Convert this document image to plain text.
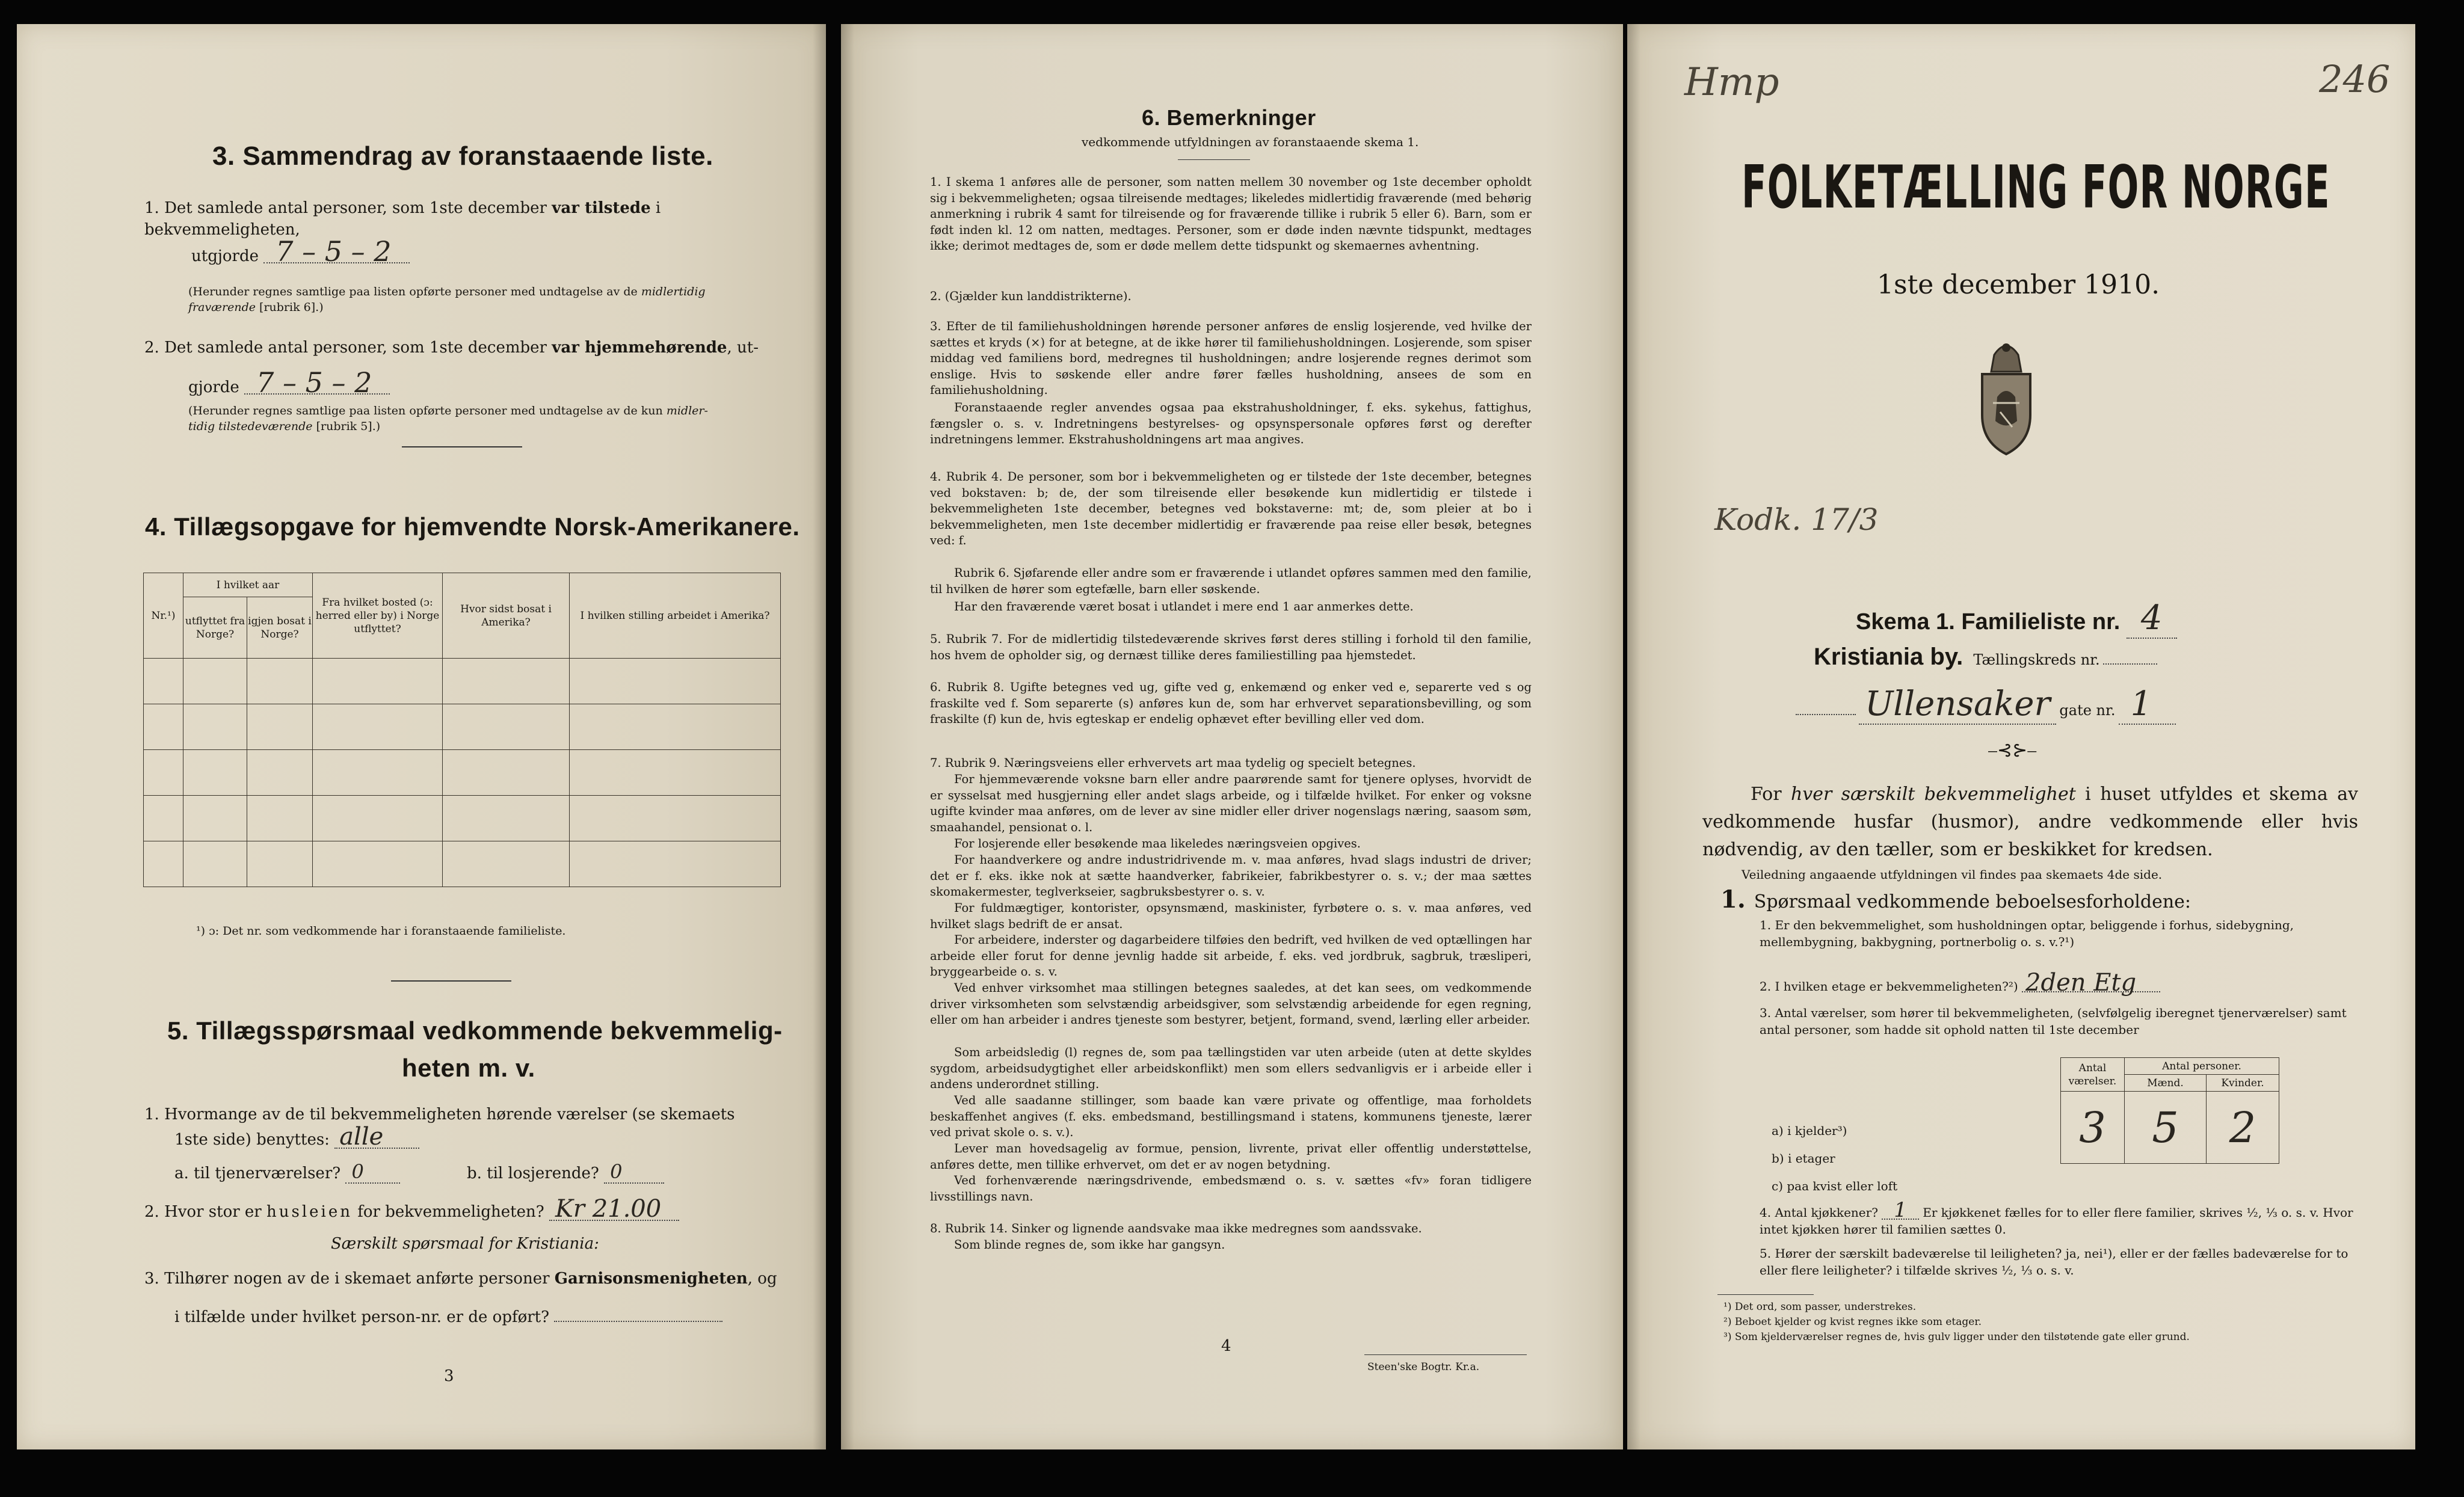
3. Sammendrag av foranstaaende liste.
1. Det samlede antal personer, som 1ste december var tilstede i bekvemmeligheten,
utgjorde 7 – 5 – 2
(Herunder regnes samtlige paa listen opførte personer med undtagelse av de midlertidig
fraværende [rubrik 6].)
2. Det samlede antal personer, som 1ste december var hjemmehørende, ut-
gjorde 7 – 5 – 2
(Herunder regnes samtlige paa listen opførte personer med undtagelse av de kun midler-
tidig tilstedeværende [rubrik 5].)
4. Tillægsopgave for hjemvendte Norsk-Amerikanere.
Nr.¹)	I hvilket aar		Fra hvilket bosted (ɔ: herred eller by) i Norge utflyttet?	Hvor sidst bosat i Amerika?	I hvilken stilling arbeidet i Amerika?
	utflyttet fra Norge?	igjen bosat i Norge?			

¹) ɔ: Det nr. som vedkommende har i foranstaaende familieliste.
5. Tillægsspørsmaal vedkommende bekvemmelig-
heten m. v.
1. Hvormange av de til bekvemmeligheten hørende værelser (se skemaets
1ste side) benyttes: alle
a. til tjenerværelser? 0	b. til losjerende? 0
2. Hvor stor er husleien for bekvemmeligheten? Kr 21.00
Særskilt spørsmaal for Kristiania:
3. Tilhører nogen av de i skemaet anførte personer Garnisonsmenigheten, og
i tilfælde under hvilket person-nr. er de opført?
3
6. Bemerkninger
vedkommende utfyldningen av foranstaaende skema 1.
1. I skema 1 anføres alle de personer, som natten mellem 30 november og 1ste december opholdt sig i bekvemmeligheten; ogsaa tilreisende medtages; likeledes midlertidig fraværende (med behørig anmerkning i rubrik 4 samt for tilreisende og for fraværende tillike i rubrik 5 eller 6). Barn, som er født inden kl. 12 om natten, medtages. Personer, som er døde inden nævnte tidspunkt, medtages ikke; derimot medtages de, som er døde mellem dette tidspunkt og skemaernes avhentning.
2. (Gjælder kun landdistrikterne).
3. Efter de til familiehusholdningen hørende personer anføres de enslig losjerende, ved hvilke der sættes et kryds (×) for at betegne, at de ikke hører til familiehusholdningen. Losjerende, som spiser middag ved familiens bord, medregnes til husholdningen; andre losjerende regnes derimot som enslige. Hvis to søskende eller andre fører fælles husholdning, ansees de som en familiehusholdning.
Foranstaaende regler anvendes ogsaa paa ekstrahusholdninger, f. eks. sykehus, fattighus, fængsler o. s. v. Indretningens bestyrelses- og opsynspersonale opføres først og derefter indretningens lemmer. Ekstrahusholdningens art maa angives.
4. Rubrik 4. De personer, som bor i bekvemmeligheten og er tilstede der 1ste december, betegnes ved bokstaven: b; de, der som tilreisende eller besøkende kun midlertidig er tilstede i bekvemmeligheten 1ste december, betegnes ved bokstaverne: mt; de, som pleier at bo i bekvemmeligheten, men 1ste december midlertidig er fraværende paa reise eller besøk, betegnes ved: f.
Rubrik 6. Sjøfarende eller andre som er fraværende i utlandet opføres sammen med den familie, til hvilken de hører som egtefælle, barn eller søskende.
Har den fraværende været bosat i utlandet i mere end 1 aar anmerkes dette.
5. Rubrik 7. For de midlertidig tilstedeværende skrives først deres stilling i forhold til den familie, hos hvem de opholder sig, og dernæst tillike deres familiestilling paa hjemstedet.
6. Rubrik 8. Ugifte betegnes ved ug, gifte ved g, enkemænd og enker ved e, separerte ved s og fraskilte ved f. Som separerte (s) anføres kun de, som har erhvervet separationsbevilling, og som fraskilte (f) kun de, hvis egteskap er endelig ophævet efter bevilling eller ved dom.
7. Rubrik 9. Næringsveiens eller erhvervets art maa tydelig og specielt betegnes.
For hjemmeværende voksne barn eller andre paarørende samt for tjenere oplyses, hvorvidt de er sysselsat med husgjerning eller andet slags arbeide, og i tilfælde hvilket. For enker og voksne ugifte kvinder maa anføres, om de lever av sine midler eller driver nogenslags næring, saasom søm, smaahandel, pensionat o. l.
For losjerende eller besøkende maa likeledes næringsveien opgives.
For haandverkere og andre industridrivende m. v. maa anføres, hvad slags industri de driver; det er f. eks. ikke nok at sætte haandverker, fabrikeier, fabrikbestyrer o. s. v.; der maa sættes skomakermester, teglverkseier, sagbruksbestyrer o. s. v.
For fuldmægtiger, kontorister, opsynsmænd, maskinister, fyrbøtere o. s. v. maa anføres, ved hvilket slags bedrift de er ansat.
For arbeidere, inderster og dagarbeidere tilføies den bedrift, ved hvilken de ved optællingen har arbeide eller forut for denne jevnlig hadde sit arbeide, f. eks. ved jordbruk, sagbruk, træsliperi, bryggearbeide o. s. v.
Ved enhver virksomhet maa stillingen betegnes saaledes, at det kan sees, om vedkommende driver virksomheten som selvstændig arbeidsgiver, som selvstændig arbeidende for egen regning, eller om han arbeider i andres tjeneste som bestyrer, betjent, formand, svend, lærling eller arbeider.
Som arbeidsledig (l) regnes de, som paa tællingstiden var uten arbeide (uten at dette skyldes sygdom, arbeidsudygtighet eller arbeidskonflikt) men som ellers sedvanligvis er i arbeide eller i andens underordnet stilling.
Ved alle saadanne stillinger, som baade kan være private og offentlige, maa forholdets beskaffenhet angives (f. eks. embedsmand, bestillingsmand i statens, kommunens tjeneste, lærer ved privat skole o. s. v.).
Lever man hovedsagelig av formue, pension, livrente, privat eller offentlig understøttelse, anføres dette, men tillike erhvervet, om det er av nogen betydning.
Ved forhenværende næringsdrivende, embedsmænd o. s. v. sættes «fv» foran tidligere livsstillings navn.
8. Rubrik 14. Sinker og lignende aandsvake maa ikke medregnes som aandssvake.
Som blinde regnes de, som ikke har gangsyn.
4
Steen'ske Bogtr. Kr.a.
Hmp	246
FOLKETÆLLING FOR NORGE
1ste december 1910.
Kodk. 17/3
Skema 1. Familieliste nr. 4
Kristiania by. Tællingskreds nr.
Ullensaker gate nr. 1
⎯⊰⊱⎯
For hver særskilt bekvemmelighet i huset utfyldes et skema av vedkommende husfar (husmor), andre vedkommende eller hvis nødvendig, av den tæller, som er beskikket for kredsen.
Veiledning angaaende utfyldningen vil findes paa skemaets 4de side.
1. Spørsmaal vedkommende beboelsesforholdene:
1. Er den bekvemmelighet, som husholdningen optar, beliggende i forhus, sidebygning, mellembygning, bakbygning, portnerbolig o. s. v.?¹)
2. I hvilken etage er bekvemmeligheten?²) 2den Etg
3. Antal værelser, som hører til bekvemmeligheten, (selvfølgelig iberegnet tjenerværelser) samt antal personer, som hadde sit ophold natten til 1ste december
Antal værelser.	Antal personer.	
	Mænd.	Kvinder.
3	5	2
a) i kjelder³)
b) i etager
c) paa kvist eller loft
4. Antal kjøkkener? 1 Er kjøkkenet fælles for to eller flere familier, skrives ½, ⅓ o. s. v. Hvor intet kjøkken hører til familien sættes 0.
5. Hører der særskilt badeværelse til leiligheten? ja, nei¹), eller er der fælles badeværelse for to eller flere leiligheter? i tilfælde skrives ½, ⅓ o. s. v.
¹) Det ord, som passer, understrekes.
²) Beboet kjelder og kvist regnes ikke som etager.
³) Som kjelderværelser regnes de, hvis gulv ligger under den tilstøtende gate eller grund.
